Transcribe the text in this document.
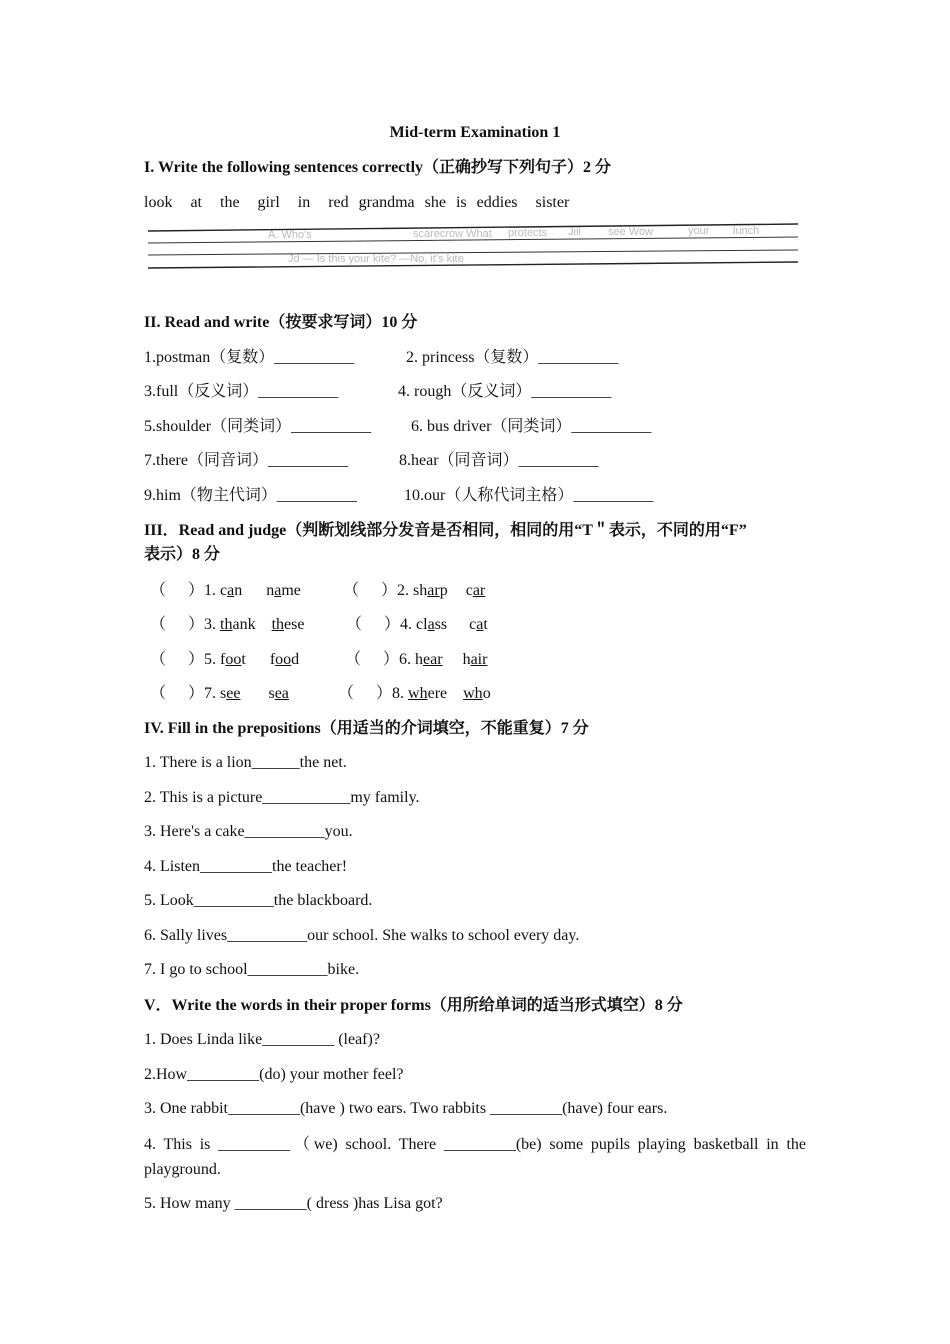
Mid-term Examination 1
I. Write the following sentences correctly（正确抄写下列句子）2 分
look at the girl in red grandma she is eddies sister
A. Who's	scarecrow What protects Jill see Wow	your lunch
Jd — Is this your kite? —No, it's kite
II. Read and write（按要求写词）10 分
1.postman（复数）__________	2. princess（复数）__________
3.full（反义词）__________	4. rough（反义词）__________
5.shoulder（同类词）__________ 6. bus driver（同类词）__________
7.there（同音词）__________	8.hear（同音词）__________
9.him（物主代词）__________	10.our（人称代词主格）__________
III．Read and judge（判断划线部分发音是否相同，相同的用“T＂表示，不同的用“F”
表示）8 分
（ ）1. can name	（ ）2. sharp car
（ ）3. thank these	（ ）4. class cat
（ ）5. foot food	（ ）6. hear hair
（ ）7. see sea	（ ）8. where who
IV. Fill in the prepositions（用适当的介词填空，不能重复）7 分
1. There is a lion______the net.
2. This is a picture___________my family.
3. Here's a cake__________you.
4. Listen_________the teacher!
5. Look__________the blackboard.
6. Sally lives__________our school. She walks to school every day.
7. I go to school__________bike.
V．Write the words in their proper forms（用所给单词的适当形式填空）8 分
1. Does Linda like_________ (leaf)?
2.How_________(do) your mother feel?
3. One rabbit_________(have ) two ears. Two rabbits _________(have) four ears.
4. This is _________（we) school. There _________(be) some pupils playing basketball in the playground.
5. How many _________( dress )has Lisa got?
